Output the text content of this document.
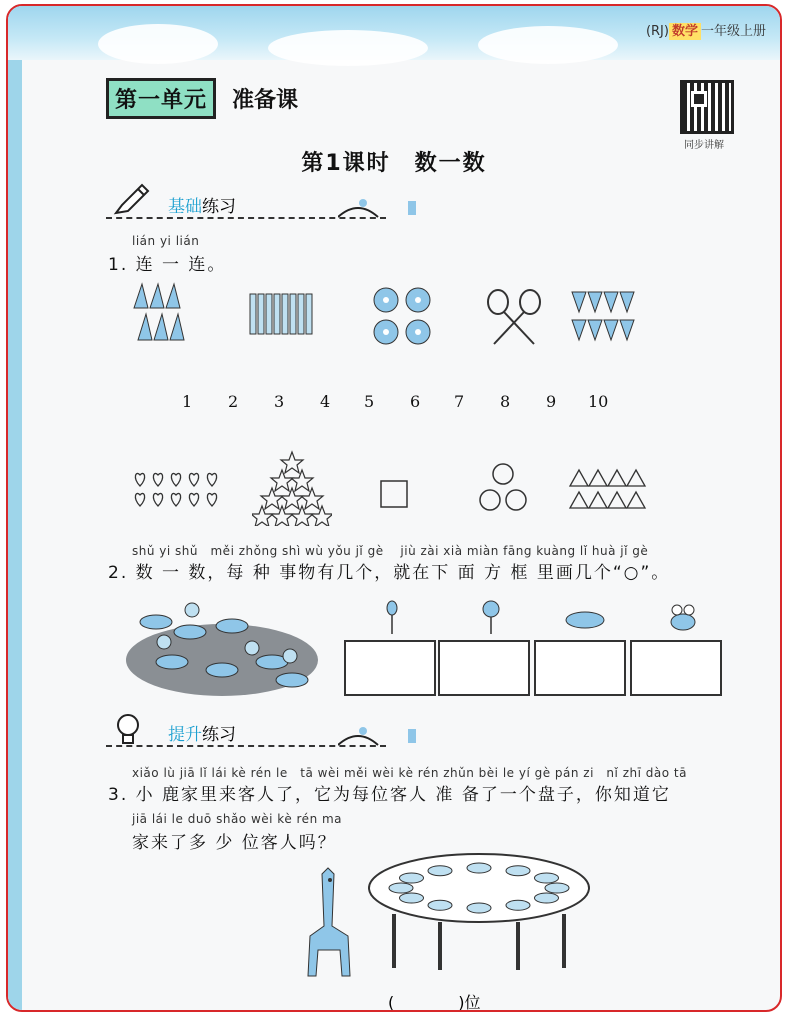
(RJ) 数学 一年级上册
第一单元	准备课
同步讲解
第1课时　数一数
基础练习
lián yi lián
1. 连 一 连。
1 2 3 4 5 6 7 8 9 10
shǔ yi shǔ　měi zhǒng shì wù yǒu jǐ gè　 jiù zài xià miàn fāng kuàng lǐ huà jǐ gè
2. 数 一 数，每 种 事物有几个，就在下 面 方 框 里画几个“○”。
提升练习
xiǎo lù jiā lǐ lái kè rén le　tā wèi měi wèi kè rén zhǔn bèi le yí gè pán zi　nǐ zhī dào tā
3. 小 鹿家里来客人了，它为每位客人 准 备了一个盘子，你知道它
jiā lái le duō shǎo wèi kè rén ma
家来了多 少 位客人吗？
(　　　　)位
